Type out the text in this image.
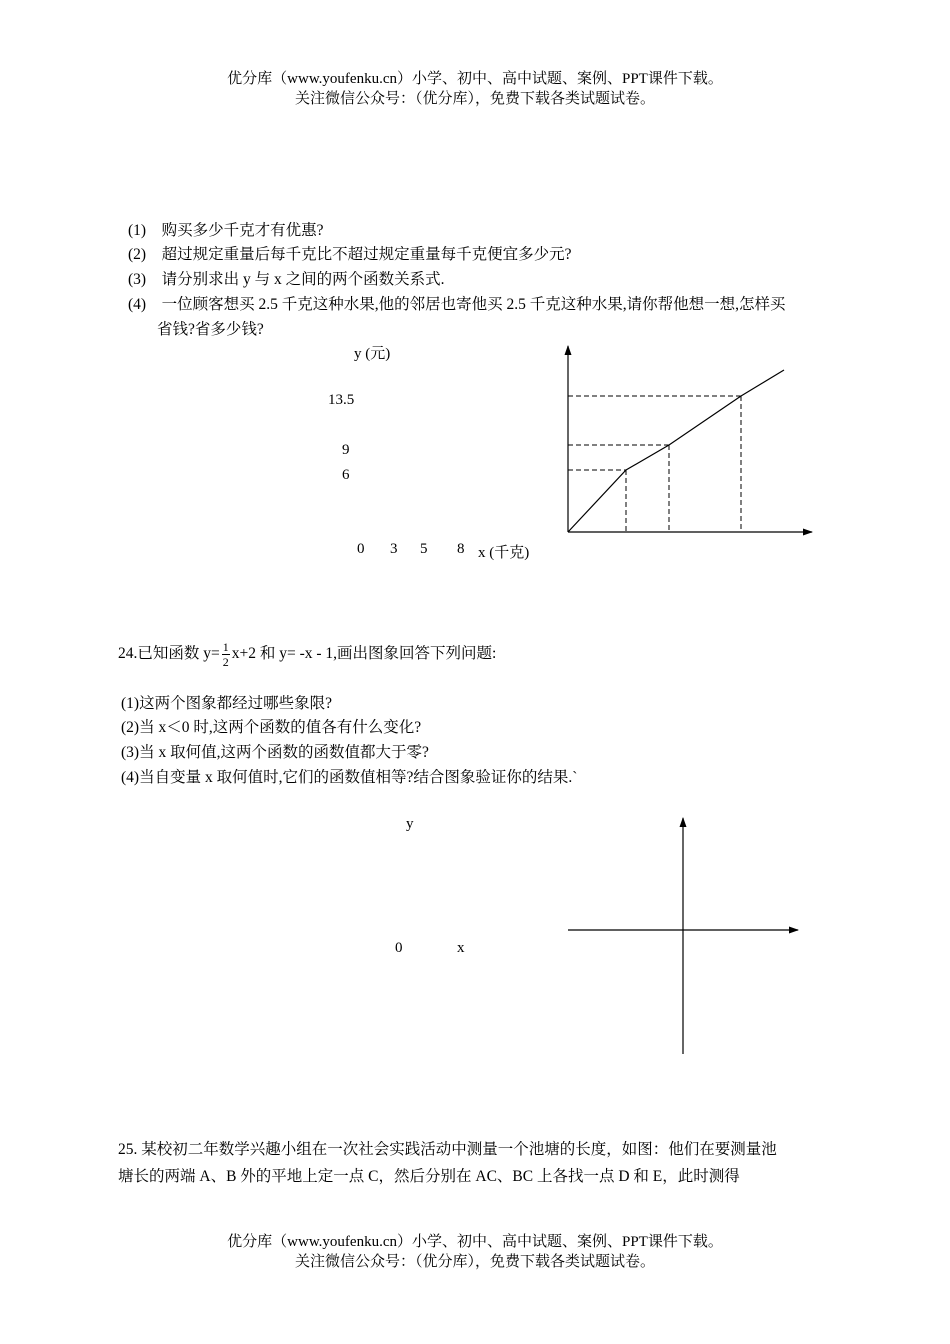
优分库（www.youfenku.cn）小学、初中、高中试题、案例、PPT课件下载。
关注微信公众号：（优分库），免费下载各类试题试卷。
(1) 购买多少千克才有优惠?
(2) 超过规定重量后每千克比不超过规定重量每千克便宜多少元?
(3) 请分别求出 y 与 x 之间的两个函数关系式.
(4) 一位顾客想买 2.5 千克这种水果,他的邻居也寄他买 2.5 千克这种水果,请你帮他想一想,怎样买
省钱?省多少钱?
y (元)
13.5
9
6
0 3 5 8 x (千克)
24.已知函数 $y= \frac{1}{2} x+2$ 和 y= -x - 1,画出图象回答下列问题:
(1)这两个图象都经过哪些象限?
(2)当 x＜0 时,这两个函数的值各有什么变化?
(3)当 x 取何值,这两个函数的函数值都大于零?
(4)当自变量 x 取何值时,它们的函数值相等?结合图象验证你的结果.`
y
0	x
25. 某校初二年数学兴趣小组在一次社会实践活动中测量一个池塘的长度，如图：他们在要测量池
塘长的两端 A、B 外的平地上定一点 C，然后分别在 AC、BC 上各找一点 D 和 E，此时测得
优分库（www.youfenku.cn）小学、初中、高中试题、案例、PPT课件下载。
关注微信公众号：（优分库），免费下载各类试题试卷。
